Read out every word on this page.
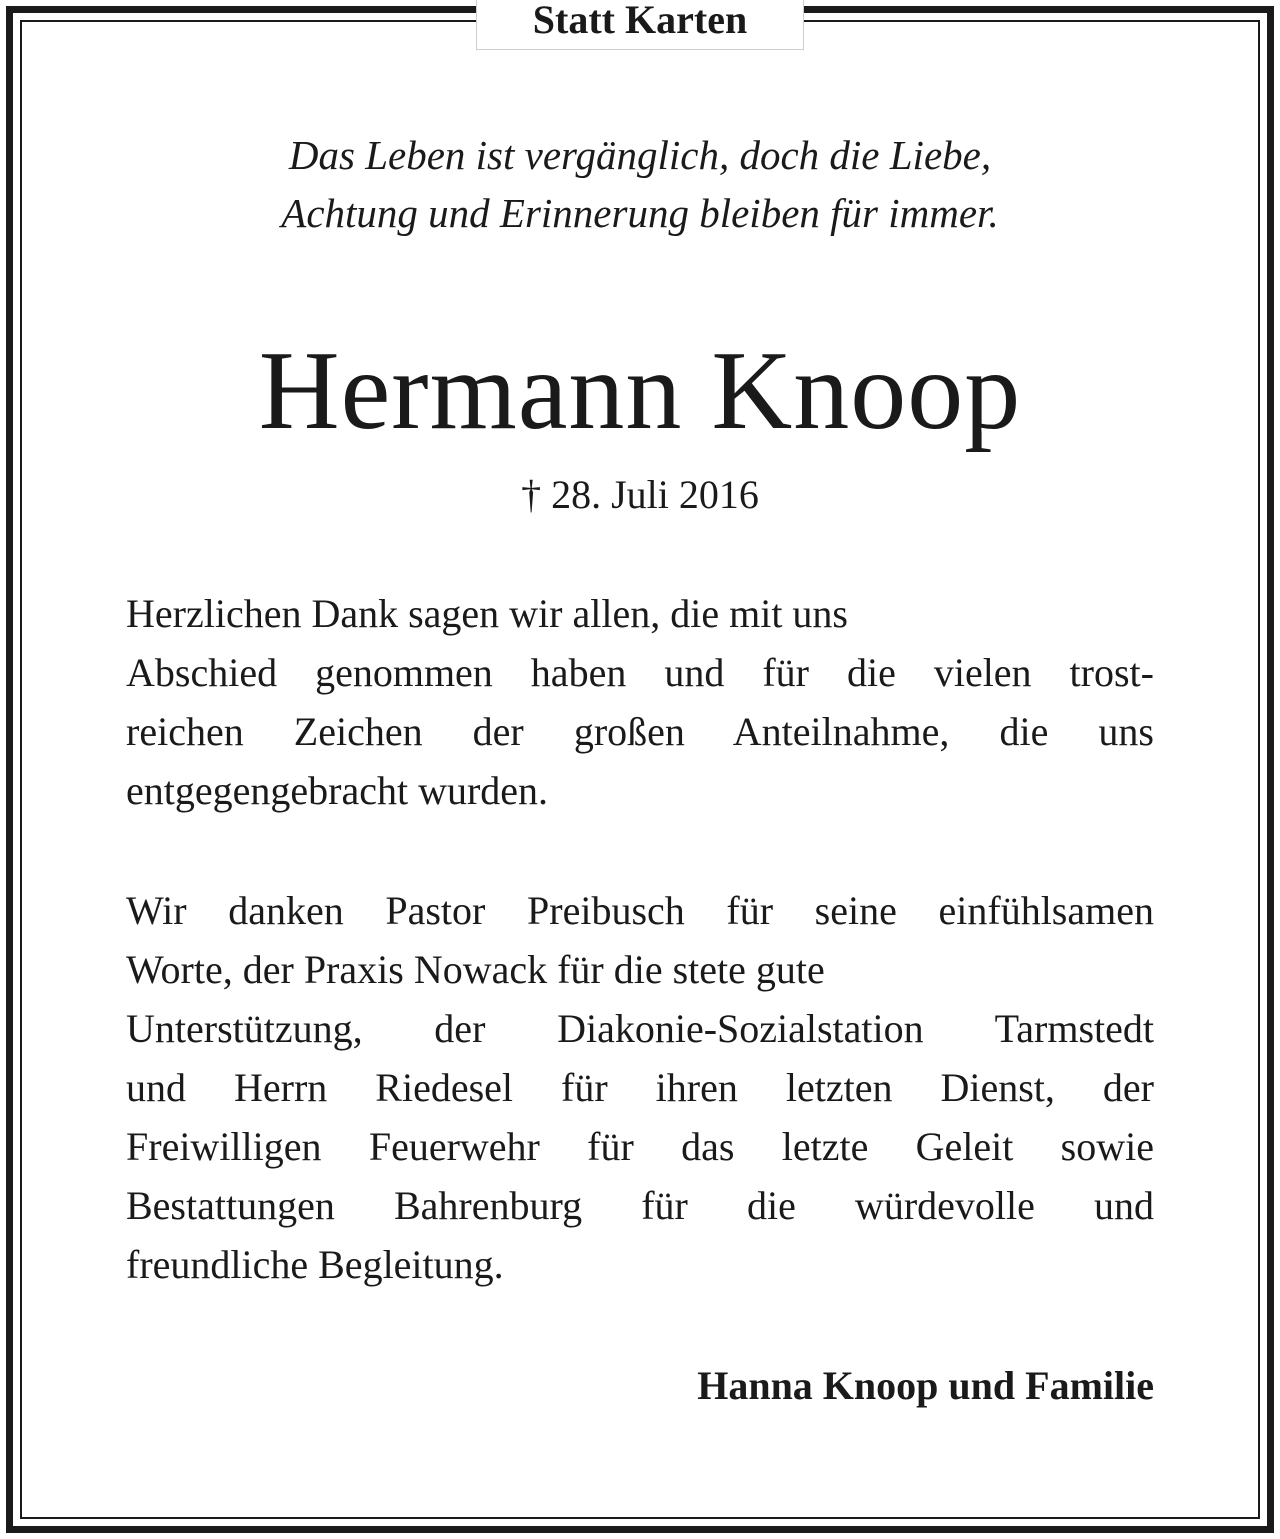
Statt Karten
Das Leben ist vergänglich, doch die Liebe,
Achtung und Erinnerung bleiben für immer.
Hermann Knoop
† 28. Juli 2016
Herzlichen Dank sagen wir allen, die mit uns
Abschied genommen haben und für die vielen trost-
reichen Zeichen der großen Anteilnahme, die uns
entgegengebracht wurden.
Wir danken Pastor Preibusch für seine einfühlsamen
Worte, der Praxis Nowack für die stete gute
Unterstützung, der Diakonie-Sozialstation Tarmstedt
und Herrn Riedesel für ihren letzten Dienst, der
Freiwilligen Feuerwehr für das letzte Geleit sowie
Bestattungen Bahrenburg für die würdevolle und
freundliche Begleitung.
Hanna Knoop und Familie
